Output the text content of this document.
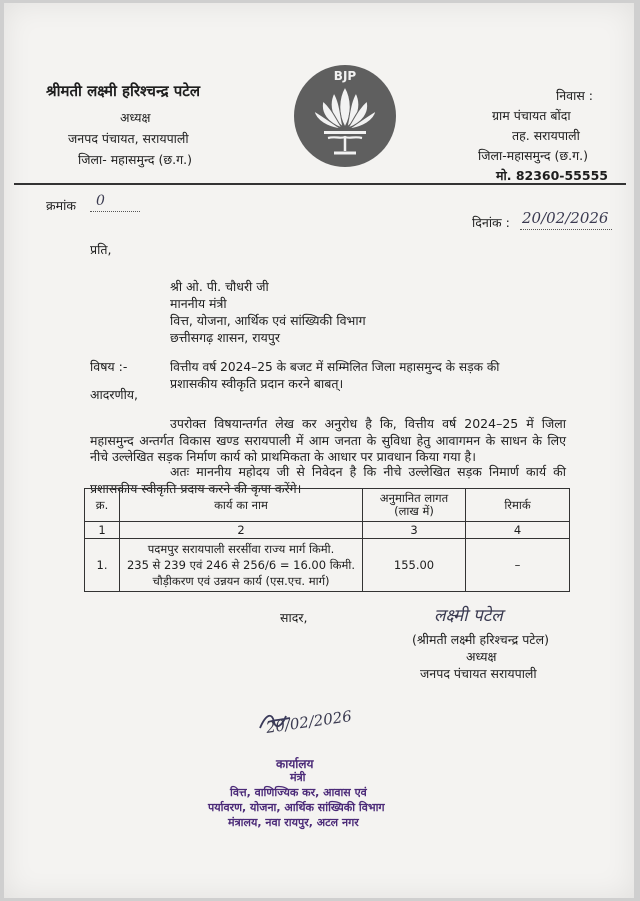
श्रीमती लक्ष्मी हरिश्चन्द्र पटेल
अध्यक्ष
जनपद पंचायत, सरायपाली
जिला- महासमुन्द (छ.ग.)
BJP
निवास :
ग्राम पंचायत बोंदा
तह. सरायपाली
जिला-महासमुन्द (छ.ग.)
मो. 82360-55555
क्रमांक 0
दिनांक : 20/02/2026
प्रति,
श्री ओ. पी. चौधरी जी
माननीय मंत्री
वित्त, योजना, आर्थिक एवं सांख्यिकी विभाग
छत्तीसगढ़ शासन, रायपुर
विषय :-	वित्तीय वर्ष 2024–25 के बजट में सम्मिलित जिला महासमुन्द के सड़क की
प्रशासकीय स्वीकृति प्रदान करने बाबत्।
आदरणीय,
उपरोक्त विषयान्तर्गत लेख कर अनुरोध है कि, वित्तीय वर्ष 2024–25 में जिला महासमुन्द अन्तर्गत विकास खण्ड सरायपाली में आम जनता के सुविधा हेतु आवागमन के साधन के लिए नीचे उल्लेखित सड़क निर्माण कार्य को प्राथमिकता के आधार पर प्रावधान किया गया है।
अतः माननीय महोदय जी से निवेदन है कि नीचे उल्लेखित सड़क निमार्ण कार्य की प्रशासकीय स्वीकृति प्रदाय करने की कृपा करेंगे।
क्र.	कार्य का नाम	अनुमानित लागत (लाख में)	रिमार्क
1	2	3	4
1.	पदमपुर सरायपाली सरसींवा राज्य मार्ग किमी.
235 से 239 एवं 246 से 256/6 = 16.00 किमी.
चौड़ीकरण एवं उन्नयन कार्य (एस.एच. मार्ग)	155.00	–
सादर,	लक्ष्मी पटेल
(श्रीमती लक्ष्मी हरिश्चन्द्र पटेल)
अध्यक्ष
जनपद पंचायत सरायपाली
20/02/2026
कार्यालय
मंत्री
वित्त, वाणिज्यिक कर, आवास एवं
पर्यावरण, योजना, आर्थिक सांख्यिकी विभाग
मंत्रालय, नवा रायपुर, अटल नगर
